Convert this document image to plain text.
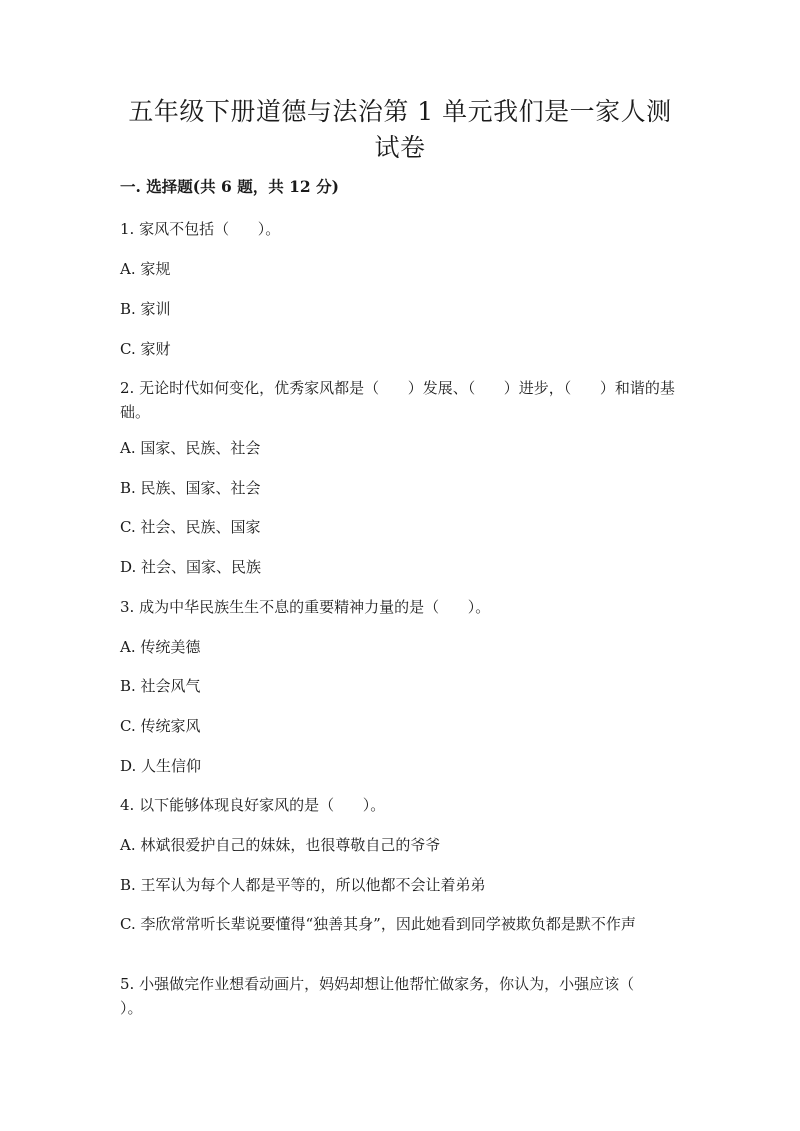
五年级下册道德与法治第 1 单元我们是一家人测试卷
一. 选择题(共 6 题，共 12 分)
1. 家风不包括（      ）。
A. 家规
B. 家训
C. 家财
2. 无论时代如何变化，优秀家风都是（      ）发展、（      ）进步，（      ）和谐的基础。
A. 国家、民族、社会
B. 民族、国家、社会
C. 社会、民族、国家
D. 社会、国家、民族
3. 成为中华民族生生不息的重要精神力量的是（      ）。
A. 传统美德
B. 社会风气
C. 传统家风
D. 人生信仰
4. 以下能够体现良好家风的是（      ）。
A. 林斌很爱护自己的妹妹，也很尊敬自己的爷爷
B. 王军认为每个人都是平等的，所以他都不会让着弟弟
C. 李欣常常听长辈说要懂得“独善其身”，因此她看到同学被欺负都是默不作声
5. 小强做完作业想看动画片，妈妈却想让他帮忙做家务，你认为，小强应该（          ）。
